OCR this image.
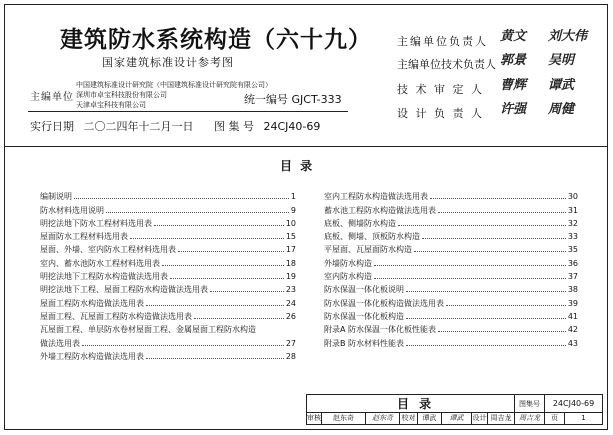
建筑防水系统构造（六十九）
国家建筑标准设计参考图
主编单位
中国建筑标准设计研究院（中国建筑标准设计研究院有限公司）
深圳市卓宝科技股份有限公司
天津卓宝科技有限公司	统一编号 GJCT-333
实行日期 二〇二四年十二月一日 图 集 号 24CJ40-69
主编单位负责人 黄文 刘大伟
主编单位技术负责人 郭景 吴明
技 术 审 定 人 曹辉 谭武
设 计 负 责 人 许强 周健
目 录
编制说明	1
防水材料选用说明	9
明挖法地下防水工程材料选用表	10
屋面防水工程材料选用表	15
屋面、外墙、室内防水工程材料选用表	17
室内、蓄水池防水工程材料选用表	18
明挖法地下工程防水构造做法选用表	19
明挖法地下工程、屋面工程防水构造做法选用表	23
屋面工程防水构造做法选用表	24
屋面工程、瓦屋面工程防水构造做法选用表	26
瓦屋面工程、单层防水卷材屋面工程、金属屋面工程防水构造
做法选用表	27
外墙工程防水构造做法选用表	28
室内工程防水构造做法选用表	30
蓄水池工程防水构造做法选用表	31
底板、侧墙防水构造	32
底板、侧墙、顶板防水构造	33
平屋面、瓦屋面防水构造	35
外墙防水构造	36
室内防水构造	37
防水保温一体化板说明	38
防水保温一体化板构造做法选用表	39
防水保温一体化板构造	41
附录A 防水保温一体化板性能表	42
附录B 防水材料性能表	43
目 录	图集号	24CJ40-69
审核	赵东奇	赵东奇	校对	谭武	谭武	设计 周吉龙	周吉龙	页	1
